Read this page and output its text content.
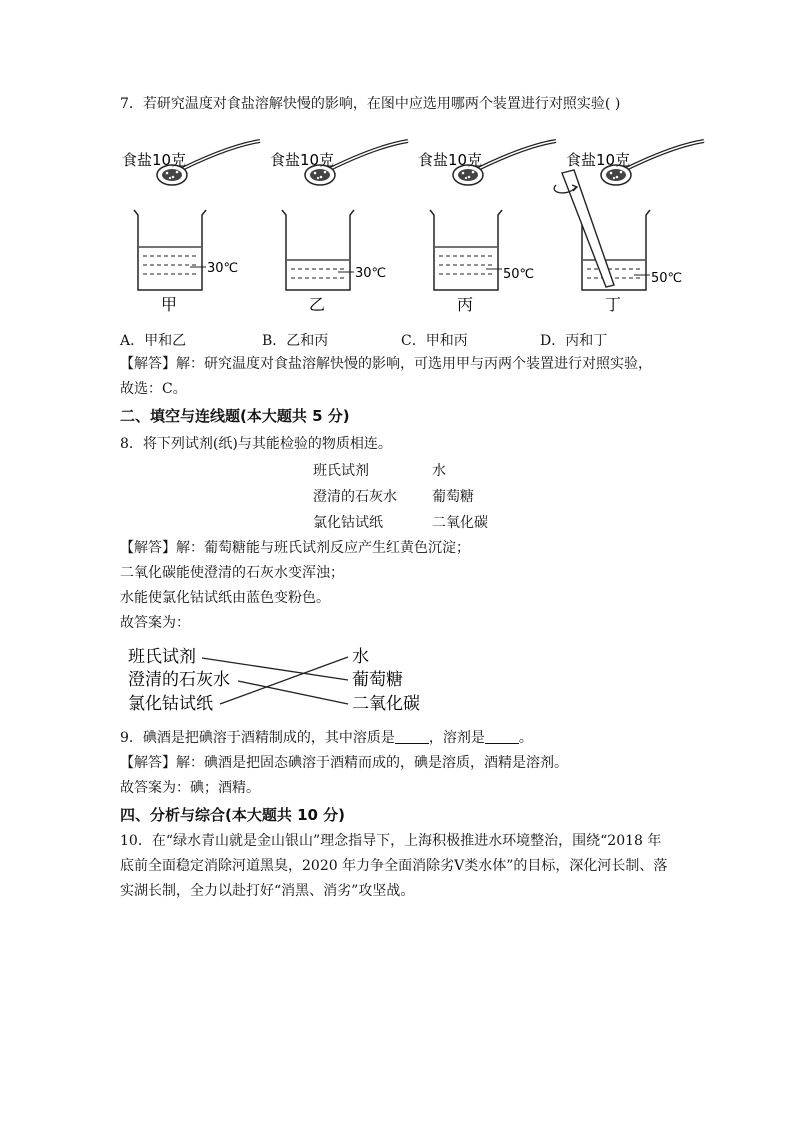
7．若研究温度对食盐溶解快慢的影响，在图中应选用哪两个装置进行对照实验( )
食盐10克
30℃
甲
食盐10克
30℃
乙
食盐10克
50℃
丙
食盐10克
50℃
丁
A．甲和乙	B．乙和丙	C．甲和丙	D．丙和丁
【解答】解：研究温度对食盐溶解快慢的影响，可选用甲与丙两个装置进行对照实验，
故选：C。
二、填空与连线题(本大题共 5 分)
8．将下列试剂(纸)与其能检验的物质相连。
班氏试剂
澄清的石灰水
氯化钴试纸
水
葡萄糖
二氧化碳
【解答】解：葡萄糖能与班氏试剂反应产生红黄色沉淀；
二氧化碳能使澄清的石灰水变浑浊；
水能使氯化钴试纸由蓝色变粉色。
故答案为：
班氏试剂
澄清的石灰水
氯化钴试纸
水
葡萄糖
二氧化碳
9．碘酒是把碘溶于酒精制成的，其中溶质是 ，溶剂是 。
【解答】解：碘酒是把固态碘溶于酒精而成的，碘是溶质，酒精是溶剂。
故答案为：碘；酒精。
四、分析与综合(本大题共 10 分)
10．在“绿水青山就是金山银山”理念指导下，上海积极推进水环境整治，围绕“2018 年
底前全面稳定消除河道黑臭，2020 年力争全面消除劣Ⅴ类水体”的目标，深化河长制、落
实湖长制，全力以赴打好“消黑、消劣”攻坚战。
